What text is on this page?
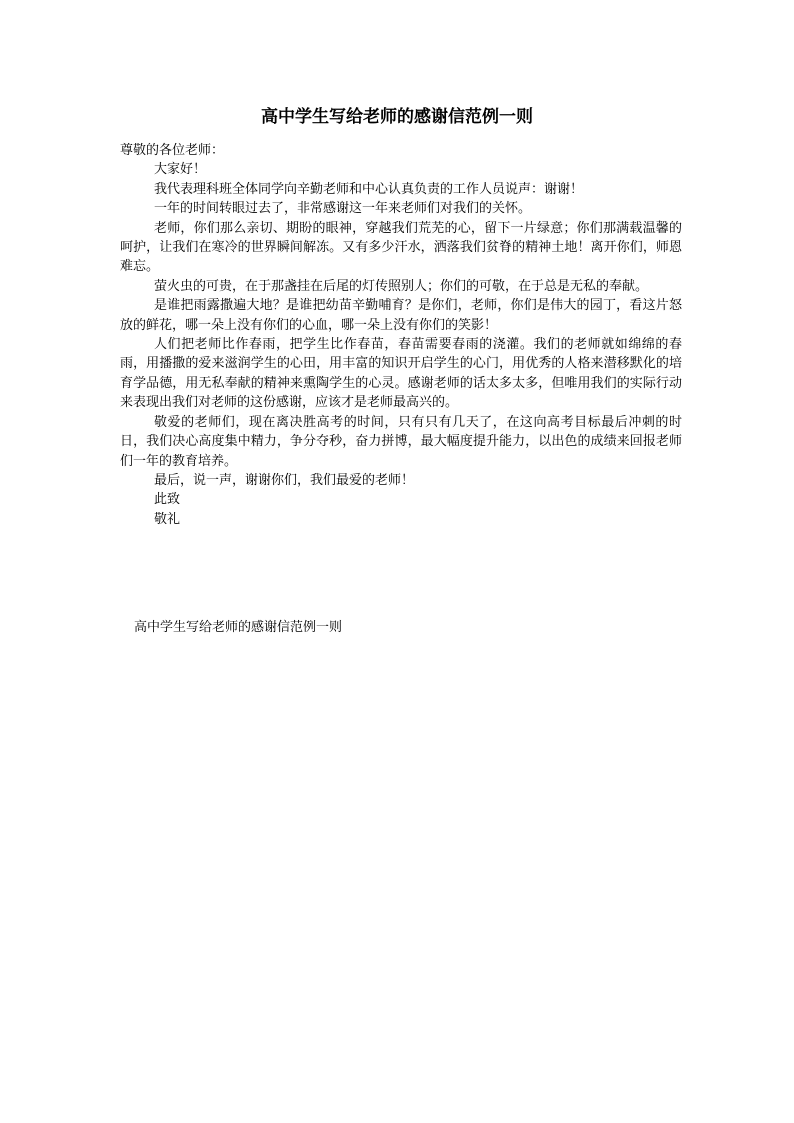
高中学生写给老师的感谢信范例一则

尊敬的各位老师：

大家好！

我代表理科班全体同学向辛勤老师和中心认真负责的工作人员说声：谢谢！

一年的时间转眼过去了，非常感谢这一年来老师们对我们的关怀。

老师，你们那么亲切、期盼的眼神，穿越我们荒芜的心，留下一片绿意；你们那满载温馨的呵护，让我们在寒冷的世界瞬间解冻。又有多少汗水，洒落我们贫脊的精神土地！离开你们，师恩难忘。

萤火虫的可贵，在于那盏挂在后尾的灯传照别人；你们的可敬，在于总是无私的奉献。

是谁把雨露撒遍大地？是谁把幼苗辛勤哺育？是你们，老师，你们是伟大的园丁，看这片怒放的鲜花，哪一朵上没有你们的心血，哪一朵上没有你们的笑影！

人们把老师比作春雨，把学生比作春苗，春苗需要春雨的浇灌。我们的老师就如绵绵的春雨，用播撒的爱来滋润学生的心田，用丰富的知识开启学生的心门，用优秀的人格来潜移默化的培育学品德，用无私奉献的精神来熏陶学生的心灵。感谢老师的话太多太多，但唯用我们的实际行动来表现出我们对老师的这份感谢，应该才是老师最高兴的。

敬爱的老师们，现在离决胜高考的时间，只有只有几天了，在这向高考目标最后冲刺的时日，我们决心高度集中精力，争分夺秒，奋力拼博，最大幅度提升能力，以出色的成绩来回报老师们一年的教育培养。

最后，说一声，谢谢你们，我们最爱的老师！

此致

敬礼

高中学生写给老师的感谢信范例一则
